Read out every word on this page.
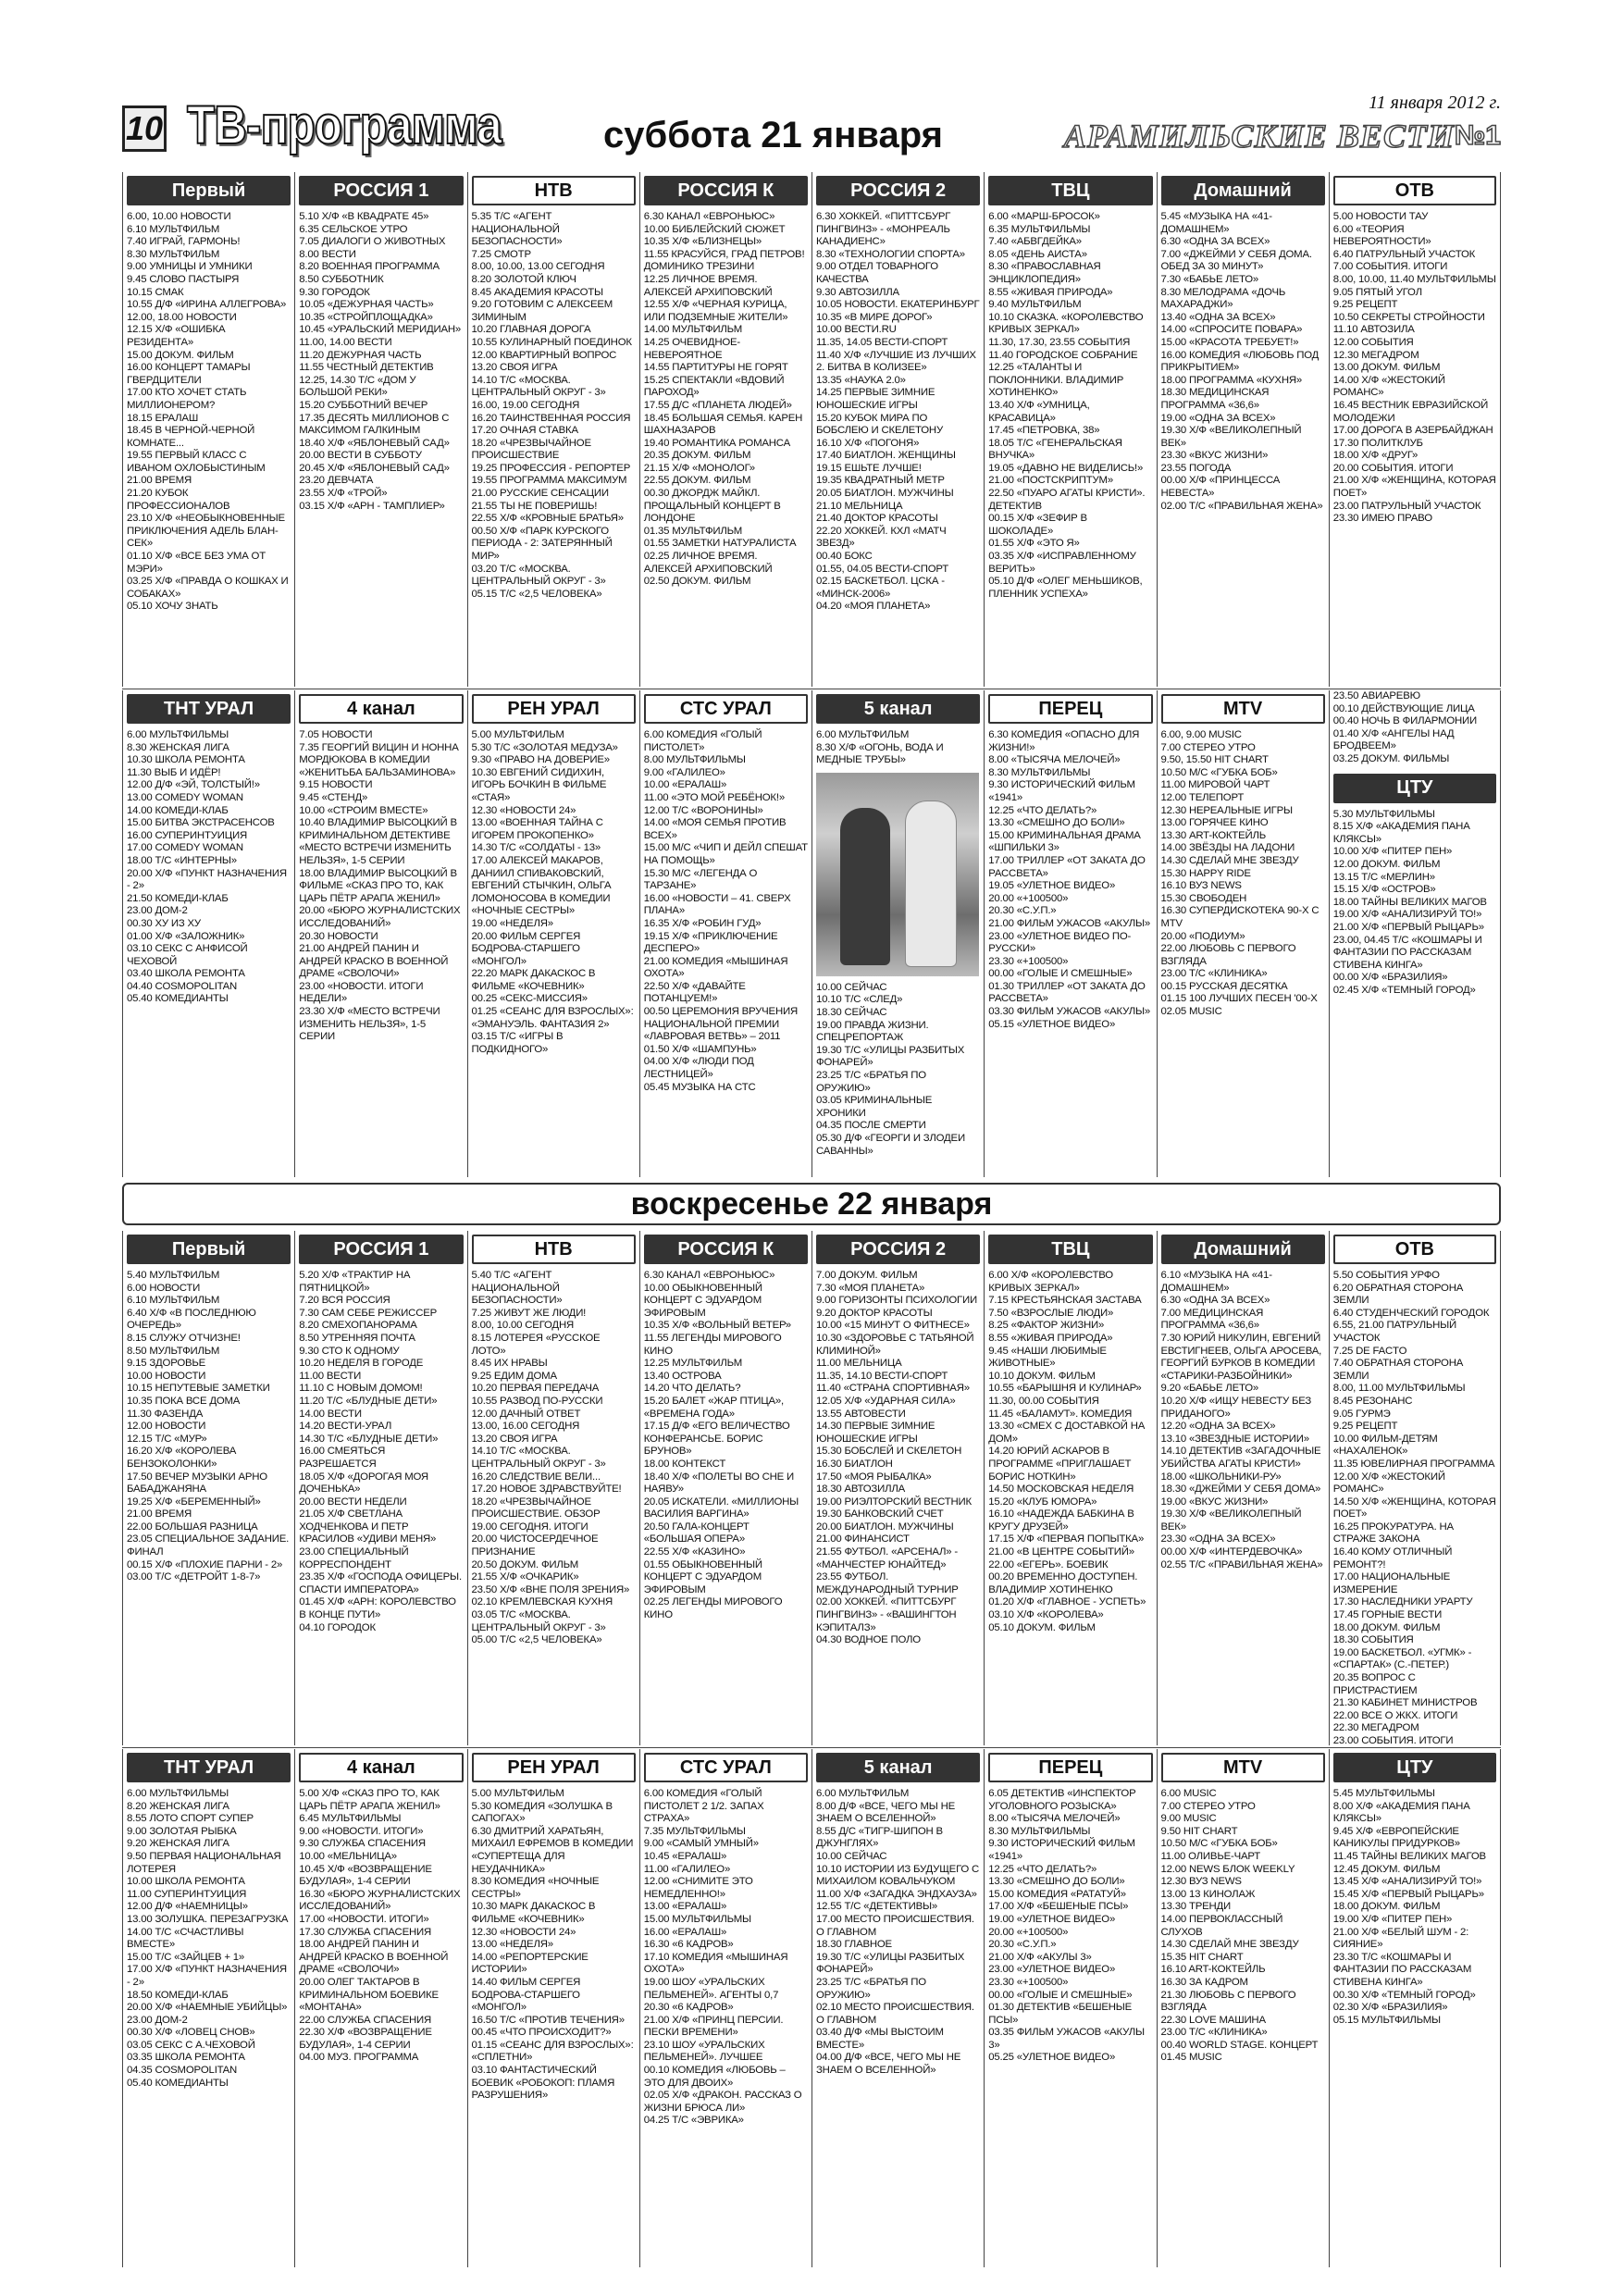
10 ТВ-программа	суббота 21 января
11 января 2012 г.
АРАМИЛЬСКИЕ ВЕСТИ №1
Первый
6.00, 10.00 НОВОСТИ
6.10 МУЛЬТФИЛЬМ
7.40 ИГРАЙ, ГАРМОНЬ!
8.30 МУЛЬТФИЛЬМ
9.00 УМНИЦЫ И УМНИКИ
9.45 СЛОВО ПАСТЫРЯ
10.15 СМАК
10.55 Д/Ф «ИРИНА АЛЛЕГРОВА»
12.00, 18.00 НОВОСТИ
12.15 Х/Ф «ОШИБКА РЕЗИДЕНТА»
15.00 ДОКУМ. ФИЛЬМ
16.00 КОНЦЕРТ ТАМАРЫ ГВЕРДЦИТЕЛИ
17.00 КТО ХОЧЕТ СТАТЬ МИЛЛИОНЕРОМ?
18.15 ЕРАЛАШ
18.45 В ЧЕРНОЙ-ЧЕРНОЙ КОМНАТЕ...
19.55 ПЕРВЫЙ КЛАСС С ИВАНОМ ОХЛОБЫСТИНЫМ
21.00 ВРЕМЯ
21.20 КУБОК ПРОФЕССИОНАЛОВ
23.10 Х/Ф «НЕОБЫКНОВЕННЫЕ ПРИКЛЮЧЕНИЯ АДЕЛЬ БЛАН-СЕК»
01.10 Х/Ф «ВСЕ БЕЗ УМА ОТ МЭРИ»
03.25 Х/Ф «ПРАВДА О КОШКАХ И СОБАКАХ»
05.10 ХОЧУ ЗНАТЬ
РОССИЯ 1
5.10 Х/Ф «В КВАДРАТЕ 45»
6.35 СЕЛЬСКОЕ УТРО
7.05 ДИАЛОГИ О ЖИВОТНЫХ
8.00 ВЕСТИ
8.20 ВОЕННАЯ ПРОГРАММА
8.50 СУББОТНИК
9.30 ГОРОДОК
10.05 «ДЕЖУРНАЯ ЧАСТЬ»
10.35 «СТРОЙПЛОЩАДКА»
10.45 «УРАЛЬСКИЙ МЕРИДИАН»
11.00, 14.00 ВЕСТИ
11.20 ДЕЖУРНАЯ ЧАСТЬ
11.55 ЧЕСТНЫЙ ДЕТЕКТИВ
12.25, 14.30 Т/С «ДОМ У БОЛЬШОЙ РЕКИ»
15.20 СУББОТНИЙ ВЕЧЕР
17.35 ДЕСЯТЬ МИЛЛИОНОВ С МАКСИМОМ ГАЛКИНЫМ
18.40 Х/Ф «ЯБЛОНЕВЫЙ САД»
20.00 ВЕСТИ В СУББОТУ
20.45 Х/Ф «ЯБЛОНЕВЫЙ САД»
23.20 ДЕВЧАТА
23.55 Х/Ф «ТРОЙ»
03.15 Х/Ф «АРН - ТАМПЛИЕР»
НТВ
5.35 Т/С «АГЕНТ НАЦИОНАЛЬНОЙ БЕЗОПАСНОСТИ»
7.25 СМОТР
8.00, 10.00, 13.00 СЕГОДНЯ
8.20 ЗОЛОТОЙ КЛЮЧ
8.45 АКАДЕМИЯ КРАСОТЫ
9.20 ГОТОВИМ С АЛЕКСЕЕМ ЗИМИНЫМ
10.20 ГЛАВНАЯ ДОРОГА
10.55 КУЛИНАРНЫЙ ПОЕДИНОК
12.00 КВАРТИРНЫЙ ВОПРОС
13.20 СВОЯ ИГРА
14.10 Т/С «МОСКВА. ЦЕНТРАЛЬНЫЙ ОКРУГ - 3»
16.00, 19.00 СЕГОДНЯ
16.20 ТАИНСТВЕННАЯ РОССИЯ
17.20 ОЧНАЯ СТАВКА
18.20 «ЧРЕЗВЫЧАЙНОЕ ПРОИСШЕСТВИЕ
19.25 ПРОФЕССИЯ - РЕПОРТЕР
19.55 ПРОГРАММА МАКСИМУМ
21.00 РУССКИЕ СЕНСАЦИИ
21.55 ТЫ НЕ ПОВЕРИШЬ!
22.55 Х/Ф «КРОВНЫЕ БРАТЬЯ»
00.50 Х/Ф «ПАРК КУРСКОГО ПЕРИОДА - 2: ЗАТЕРЯННЫЙ МИР»
03.20 Т/С «МОСКВА. ЦЕНТРАЛЬНЫЙ ОКРУГ - 3»
05.15 Т/С «2,5 ЧЕЛОВЕКА»
РОССИЯ К
6.30 КАНАЛ «ЕВРОНЬЮС»
10.00 БИБЛЕЙСКИЙ СЮЖЕТ
10.35 Х/Ф «БЛИЗНЕЦЫ»
11.55 КРАСУЙСЯ, ГРАД ПЕТРОВ! ДОМИНИКО ТРЕЗИНИ
12.25 ЛИЧНОЕ ВРЕМЯ. АЛЕКСЕЙ АРХИПОВСКИЙ
12.55 Х/Ф «ЧЕРНАЯ КУРИЦА, ИЛИ ПОДЗЕМНЫЕ ЖИТЕЛИ»
14.00 МУЛЬТФИЛЬМ
14.25 ОЧЕВИДНОЕ-НЕВЕРОЯТНОЕ
14.55 ПАРТИТУРЫ НЕ ГОРЯТ
15.25 СПЕКТАКЛИ «ВДОВИЙ ПАРОХОД»
17.55 Д/С «ПЛАНЕТА ЛЮДЕЙ»
18.45 БОЛЬШАЯ СЕМЬЯ. КАРЕН ШАХНАЗАРОВ
19.40 РОМАНТИКА РОМАНСА
20.35 ДОКУМ. ФИЛЬМ
21.15 Х/Ф «МОНОЛОГ»
22.55 ДОКУМ. ФИЛЬМ
00.30 ДЖОРДЖ МАЙКЛ. ПРОЩАЛЬНЫЙ КОНЦЕРТ В ЛОНДОНЕ
01.35 МУЛЬТФИЛЬМ
01.55 ЗАМЕТКИ НАТУРАЛИСТА
02.25 ЛИЧНОЕ ВРЕМЯ. АЛЕКСЕЙ АРХИПОВСКИЙ
02.50 ДОКУМ. ФИЛЬМ
РОССИЯ 2
6.30 ХОККЕЙ. «ПИТТСБУРГ ПИНГВИНЗ» - «МОНРЕАЛЬ КАНАДИЕНС»
8.30 «ТЕХНОЛОГИИ СПОРТА»
9.00 ОТДЕЛ ТОВАРНОГО КАЧЕСТВА
9.30 АВТОЗИЛЛА
10.05 НОВОСТИ. ЕКАТЕРИНБУРГ
10.35 «В МИРЕ ДОРОГ»
10.00 ВЕСТИ.RU
11.35, 14.05 ВЕСТИ-СПОРТ
11.40 Х/Ф «ЛУЧШИЕ ИЗ ЛУЧШИХ 2. БИТВА В КОЛИЗЕЕ»
13.35 «НАУКА 2.0»
14.25 ПЕРВЫЕ ЗИМНИЕ ЮНОШЕСКИЕ ИГРЫ
15.20 КУБОК МИРА ПО БОБСЛЕЮ И СКЕЛЕТОНУ
16.10 Х/Ф «ПОГОНЯ»
17.40 БИАТЛОН. ЖЕНЩИНЫ
19.15 ЕШЬТЕ ЛУЧШЕ!
19.35 КВАДРАТНЫЙ МЕТР
20.05 БИАТЛОН. МУЖЧИНЫ
21.10 МЕЛЬНИЦА
21.40 ДОКТОР КРАСОТЫ
22.20 ХОККЕЙ. КХЛ «МАТЧ ЗВЕЗД»
00.40 БОКС
01.55, 04.05 ВЕСТИ-СПОРТ
02.15 БАСКЕТБОЛ. ЦСКА - «МИНСК-2006»
04.20 «МОЯ ПЛАНЕТА»
ТВЦ
6.00 «МАРШ-БРОСОК»
6.35 МУЛЬТФИЛЬМЫ
7.40 «АБВГДЕЙКА»
8.05 «ДЕНЬ АИСТА»
8.30 «ПРАВОСЛАВНАЯ ЭНЦИКЛОПЕДИЯ»
8.55 «ЖИВАЯ ПРИРОДА»
9.40 МУЛЬТФИЛЬМ
10.10 СКАЗКА. «КОРОЛЕВСТВО КРИВЫХ ЗЕРКАЛ»
11.30, 17.30, 23.55 СОБЫТИЯ
11.40 ГОРОДСКОЕ СОБРАНИЕ
12.25 «ТАЛАНТЫ И ПОКЛОННИКИ. ВЛАДИМИР ХОТИНЕНКО»
13.40 Х/Ф «УМНИЦА, КРАСАВИЦА»
17.45 «ПЕТРОВКА, 38»
18.05 Т/С «ГЕНЕРАЛЬСКАЯ ВНУЧКА»
19.05 «ДАВНО НЕ ВИДЕЛИСЬ!»
21.00 «ПОСТСКРИПТУМ»
22.50 «ПУАРО АГАТЫ КРИСТИ». ДЕТЕКТИВ
00.15 Х/Ф «ЗЕФИР В ШОКОЛАДЕ»
01.55 Х/Ф «ЭТО Я»
03.35 Х/Ф «ИСПРАВЛЕННОМУ ВЕРИТЬ»
05.10 Д/Ф «ОЛЕГ МЕНЬШИКОВ, ПЛЕННИК УСПЕХА»
Домашний
5.45 «МУЗЫКА НА «41-ДОМАШНЕМ»
6.30 «ОДНА ЗА ВСЕХ»
7.00 «ДЖЕЙМИ У СЕБЯ ДОМА. ОБЕД ЗА 30 МИНУТ»
7.30 «БАБЬЕ ЛЕТО»
8.30 МЕЛОДРАМА «ДОЧЬ МАХАРАДЖИ»
13.40 «ОДНА ЗА ВСЕХ»
14.00 «СПРОСИТЕ ПОВАРА»
15.00 «КРАСОТА ТРЕБУЕТ!»
16.00 КОМЕДИЯ «ЛЮБОВЬ ПОД ПРИКРЫТИЕМ»
18.00 ПРОГРАММА «КУХНЯ»
18.30 МЕДИЦИНСКАЯ ПРОГРАММА «36,6»
19.00 «ОДНА ЗА ВСЕХ»
19.30 Х/Ф «ВЕЛИКОЛЕПНЫЙ ВЕК»
23.30 «ВКУС ЖИЗНИ»
23.55 ПОГОДА
00.00 Х/Ф «ПРИНЦЕССА НЕВЕСТА»
02.00 Т/С «ПРАВИЛЬНАЯ ЖЕНА»
ОТВ
5.00 НОВОСТИ ТАУ
6.00 «ТЕОРИЯ НЕВЕРОЯТНОСТИ»
6.40 ПАТРУЛЬНЫЙ УЧАСТОК
7.00 СОБЫТИЯ. ИТОГИ
8.00, 10.00, 11.40 МУЛЬТФИЛЬМЫ
9.05 ПЯТЫЙ УГОЛ
9.25 РЕЦЕПТ
10.50 СЕКРЕТЫ СТРОЙНОСТИ
11.10 АВТОЗИЛА
12.00 СОБЫТИЯ
12.30 МЕГАДРОМ
13.00 ДОКУМ. ФИЛЬМ
14.00 Х/Ф «ЖЕСТОКИЙ РОМАНС»
16.45 ВЕСТНИК ЕВРАЗИЙСКОЙ МОЛОДЕЖИ
17.00 ДОРОГА В АЗЕРБАЙДЖАН
17.30 ПОЛИТКЛУБ
18.00 Х/Ф «ДРУГ»
20.00 СОБЫТИЯ. ИТОГИ
21.00 Х/Ф «ЖЕНЩИНА, КОТОРАЯ ПОЕТ»
23.00 ПАТРУЛЬНЫЙ УЧАСТОК
23.30 ИМЕЮ ПРАВО
ТНТ УРАЛ
6.00 МУЛЬТФИЛЬМЫ
8.30 ЖЕНСКАЯ ЛИГА
10.30 ШКОЛА РЕМОНТА
11.30 ВЫБ И ИДЁР!
12.00 Д/Ф «ЭЙ, ТОЛСТЫЙ!»
13.00 COMEDY WOMAN
14.00 КОМЕДИ-КЛАБ
15.00 БИТВА ЭКСТРАСЕНСОВ
16.00 СУПЕРИНТУИЦИЯ
17.00 COMEDY WOMAN
18.00 Т/С «ИНТЕРНЫ»
20.00 Х/Ф «ПУНКТ НАЗНАЧЕНИЯ - 2»
21.50 КОМЕДИ-КЛАБ
23.00 ДОМ-2
00.30 ХУ ИЗ ХУ
01.00 Х/Ф «ЗАЛОЖНИК»
03.10 СЕКС С АНФИСОЙ ЧЕХОВОЙ
03.40 ШКОЛА РЕМОНТА
04.40 COSMOPOLITAN
05.40 КОМЕДИАНТЫ
4 канал
7.05 НОВОСТИ
7.35 ГЕОРГИЙ ВИЦИН И НОННА МОРДЮКОВА В КОМЕДИИ «ЖЕНИТЬБА БАЛЬЗАМИНОВА»
9.15 НОВОСТИ
9.45 «СТЕНД»
10.00 «СТРОИМ ВМЕСТЕ»
10.40 ВЛАДИМИР ВЫСОЦКИЙ В КРИМИНАЛЬНОМ ДЕТЕКТИВЕ «МЕСТО ВСТРЕЧИ ИЗМЕНИТЬ НЕЛЬЗЯ», 1-5 СЕРИИ
18.00 ВЛАДИМИР ВЫСОЦКИЙ В ФИЛЬМЕ «СКАЗ ПРО ТО, КАК ЦАРЬ ПЁТР АРАПА ЖЕНИЛ»
20.00 «БЮРО ЖУРНАЛИСТСКИХ ИССЛЕДОВАНИЙ»
20.30 НОВОСТИ
21.00 АНДРЕЙ ПАНИН И АНДРЕЙ КРАСКО В ВОЕННОЙ ДРАМЕ «СВОЛОЧИ»
23.00 «НОВОСТИ. ИТОГИ НЕДЕЛИ»
23.30 Х/Ф «МЕСТО ВСТРЕЧИ ИЗМЕНИТЬ НЕЛЬЗЯ», 1-5 СЕРИИ
РЕН УРАЛ
5.00 МУЛЬТФИЛЬМ
5.30 Т/С «ЗОЛОТАЯ МЕДУЗА»
9.30 «ПРАВО НА ДОВЕРИЕ»
10.30 ЕВГЕНИЙ СИДИХИН, ИГОРЬ БОЧКИН В ФИЛЬМЕ «СТАЯ»
12.30 «НОВОСТИ 24»
13.00 «ВОЕННАЯ ТАЙНА С ИГОРЕМ ПРОКОПЕНКО»
14.30 Т/С «СОЛДАТЫ - 13»
17.00 АЛЕКСЕЙ МАКАРОВ, ДАНИИЛ СПИВАКОВСКИЙ, ЕВГЕНИЙ СТЫЧКИН, ОЛЬГА ЛОМОНОСОВА В КОМЕДИИ «НОЧНЫЕ СЕСТРЫ»
19.00 «НЕДЕЛЯ»
20.00 ФИЛЬМ СЕРГЕЯ БОДРОВА-СТАРШЕГО «МОНГОЛ»
22.20 МАРК ДАКАСКОС В ФИЛЬМЕ «КОЧЕВНИК»
00.25 «СЕКС-МИССИЯ»
01.25 «СЕАНС ДЛЯ ВЗРОСЛЫХ»: «ЭМАНУЭЛЬ. ФАНТАЗИЯ 2»
03.15 Т/С «ИГРЫ В ПОДКИДНОГО»
СТС УРАЛ
6.00 КОМЕДИЯ «ГОЛЫЙ ПИСТОЛЕТ»
8.00 МУЛЬТФИЛЬМЫ
9.00 «ГАЛИЛЕО»
10.00 «ЕРАЛАШ»
11.00 «ЭТО МОЙ РЕБЁНОК!»
12.00 Т/С «ВОРОНИНЫ»
14.00 «МОЯ СЕМЬЯ ПРОТИВ ВСЕХ»
15.00 М/С «ЧИП И ДЕЙЛ СПЕШАТ НА ПОМОЩЬ»
15.30 М/С «ЛЕГЕНДА О ТАРЗАНЕ»
16.00 «НОВОСТИ – 41. СВЕРХ ПЛАНА»
16.35 Х/Ф «РОБИН ГУД»
19.15 Х/Ф «ПРИКЛЮЧЕНИЕ ДЕСПЕРО»
21.00 КОМЕДИЯ «МЫШИНАЯ ОХОТА»
22.50 Х/Ф «ДАВАЙТЕ ПОТАНЦУЕМ!»
00.50 ЦЕРЕМОНИЯ ВРУЧЕНИЯ НАЦИОНАЛЬНОЙ ПРЕМИИ «ЛАВРОВАЯ ВЕТВЬ» – 2011
01.50 Х/Ф «ШАМПУНЬ»
04.00 Х/Ф «ЛЮДИ ПОД ЛЕСТНИЦЕЙ»
05.45 МУЗЫКА НА СТС
5 канал
6.00 МУЛЬТФИЛЬМ
8.30 Х/Ф «ОГОНЬ, ВОДА И МЕДНЫЕ ТРУБЫ»
10.00 СЕЙЧАС
10.10 Т/С «СЛЕД»
18.30 СЕЙЧАС
19.00 ПРАВДА ЖИЗНИ. СПЕЦРЕПОРТАЖ
19.30 Т/С «УЛИЦЫ РАЗБИТЫХ ФОНАРЕЙ»
23.25 Т/С «БРАТЬЯ ПО ОРУЖИЮ»
03.05 КРИМИНАЛЬНЫЕ ХРОНИКИ
04.35 ПОСЛЕ СМЕРТИ
05.30 Д/Ф «ГЕОРГИ И ЗЛОДЕИ САВАННЫ»
ПЕРЕЦ
6.30 КОМЕДИЯ «ОПАСНО ДЛЯ ЖИЗНИ!»
8.00 «ТЫСЯЧА МЕЛОЧЕЙ»
8.30 МУЛЬТФИЛЬМЫ
9.30 ИСТОРИЧЕСКИЙ ФИЛЬМ «1941»
12.25 «ЧТО ДЕЛАТЬ?»
13.30 «СМЕШНО ДО БОЛИ»
15.00 КРИМИНАЛЬНАЯ ДРАМА «ШПИЛЬКИ 3»
17.00 ТРИЛЛЕР «ОТ ЗАКАТА ДО РАССВЕТА»
19.05 «УЛЕТНОЕ ВИДЕО»
20.00 «+100500»
20.30 «С.У.П.»
21.00 ФИЛЬМ УЖАСОВ «АКУЛЫ»
23.00 «УЛЕТНОЕ ВИДЕО ПО-РУССКИ»
23.30 «+100500»
00.00 «ГОЛЫЕ И СМЕШНЫЕ»
01.30 ТРИЛЛЕР «ОТ ЗАКАТА ДО РАССВЕТА»
03.30 ФИЛЬМ УЖАСОВ «АКУЛЫ»
05.15 «УЛЕТНОЕ ВИДЕО»
MTV
6.00, 9.00 MUSIC
7.00 СТЕРЕО УТРО
9.50, 15.50 HIT CHART
10.50 М/С «ГУБКА БОБ»
11.00 МИРОВОЙ ЧАРТ
12.00 ТЕЛЕПОРТ
12.30 НЕРЕАЛЬНЫЕ ИГРЫ
13.00 ГОРЯЧЕЕ КИНО
13.30 ART-КОКТЕЙЛЬ
14.00 ЗВЁЗДЫ НА ЛАДОНИ
14.30 СДЕЛАЙ МНЕ ЗВЕЗДУ
15.30 HAPPY RIDE
16.10 ВУЗ NEWS
15.30 СВОБОДЕН
16.30 СУПЕРДИСКОТЕКА 90-Х С MTV
20.00 «ПОДИУМ»
22.00 ЛЮБОВЬ С ПЕРВОГО ВЗГЛЯДА
23.00 Т/С «КЛИНИКА»
00.15 РУССКАЯ ДЕСЯТКА
01.15 100 ЛУЧШИХ ПЕСЕН '00-Х
02.05 MUSIC
23.50 АВИАРЕВЮ
00.10 ДЕЙСТВУЮЩИЕ ЛИЦА
00.40 НОЧЬ В ФИЛАРМОНИИ
01.40 Х/Ф «АНГЕЛЫ НАД БРОДВЕЕМ»
03.25 ДОКУМ. ФИЛЬМЫ
ЦТУ
5.30 МУЛЬТФИЛЬМЫ
8.15 Х/Ф «АКАДЕМИЯ ПАНА КЛЯКСЫ»
10.00 Х/Ф «ПИТЕР ПЕН»
12.00 ДОКУМ. ФИЛЬМ
13.15 Т/С «МЕРЛИН»
15.15 Х/Ф «ОСТРОВ»
18.00 ТАЙНЫ ВЕЛИКИХ МАГОВ
19.00 Х/Ф «АНАЛИЗИРУЙ ТО!»
21.00 Х/Ф «ПЕРВЫЙ РЫЦАРЬ»
23.00, 04.45 Т/С «КОШМАРЫ И ФАНТАЗИИ ПО РАССКАЗАМ СТИВЕНА КИНГА»
00.00 Х/Ф «БРАЗИЛИЯ»
02.45 Х/Ф «ТЕМНЫЙ ГОРОД»
воскресенье 22 января
Первый
5.40 МУЛЬТФИЛЬМ
6.00 НОВОСТИ
6.10 МУЛЬТФИЛЬМ
6.40 Х/Ф «В ПОСЛЕДНЮЮ ОЧЕРЕДЬ»
8.15 СЛУЖУ ОТЧИЗНЕ!
8.50 МУЛЬТФИЛЬМ
9.15 ЗДОРОВЬЕ
10.00 НОВОСТИ
10.15 НЕПУТЕВЫЕ ЗАМЕТКИ
10.35 ПОКА ВСЕ ДОМА
11.30 ФАЗЕНДА
12.00 НОВОСТИ
12.15 Т/С «МУР»
16.20 Х/Ф «КОРОЛЕВА БЕНЗОКОЛОНКИ»
17.50 ВЕЧЕР МУЗЫКИ АРНО БАБАДЖАНЯНА
19.25 Х/Ф «БЕРЕМЕННЫЙ»
21.00 ВРЕМЯ
22.00 БОЛЬШАЯ РАЗНИЦА
23.05 СПЕЦИАЛЬНОЕ ЗАДАНИЕ. ФИНАЛ
00.15 Х/Ф «ПЛОХИЕ ПАРНИ - 2»
03.00 Т/С «ДЕТРОЙТ 1-8-7»
РОССИЯ 1
5.20 Х/Ф «ТРАКТИР НА ПЯТНИЦКОЙ»
7.20 ВСЯ РОССИЯ
7.30 САМ СЕБЕ РЕЖИССЕР
8.20 СМЕХОПАНОРАМА
8.50 УТРЕННЯЯ ПОЧТА
9.30 СТО К ОДНОМУ
10.20 НЕДЕЛЯ В ГОРОДЕ
11.00 ВЕСТИ
11.10 С НОВЫМ ДОМОМ!
11.20 Т/С «БЛУДНЫЕ ДЕТИ»
14.00 ВЕСТИ
14.20 ВЕСТИ-УРАЛ
14.30 Т/С «БЛУДНЫЕ ДЕТИ»
16.00 СМЕЯТЬСЯ РАЗРЕШАЕТСЯ
18.05 Х/Ф «ДОРОГАЯ МОЯ ДОЧЕНЬКА»
20.00 ВЕСТИ НЕДЕЛИ
21.05 Х/Ф СВЕТЛАНА ХОДЧЕНКОВА И ПЕТР КРАСИЛОВ «УДИВИ МЕНЯ»
23.00 СПЕЦИАЛЬНЫЙ КОРРЕСПОНДЕНТ
23.35 Х/Ф «ГОСПОДА ОФИЦЕРЫ. СПАСТИ ИМПЕРАТОРА»
01.45 Х/Ф «АРН: КОРОЛЕВСТВО В КОНЦЕ ПУТИ»
04.10 ГОРОДОК
НТВ
5.40 Т/С «АГЕНТ НАЦИОНАЛЬНОЙ БЕЗОПАСНОСТИ»
7.25 ЖИВУТ ЖЕ ЛЮДИ!
8.00, 10.00 СЕГОДНЯ
8.15 ЛОТЕРЕЯ «РУССКОЕ ЛОТО»
8.45 ИХ НРАВЫ
9.25 ЕДИМ ДОМА
10.20 ПЕРВАЯ ПЕРЕДАЧА
10.55 РАЗВОД ПО-РУССКИ
12.00 ДАЧНЫЙ ОТВЕТ
13.00, 16.00 СЕГОДНЯ
13.20 СВОЯ ИГРА
14.10 Т/С «МОСКВА. ЦЕНТРАЛЬНЫЙ ОКРУГ - 3»
16.20 СЛЕДСТВИЕ ВЕЛИ...
17.20 НОВОЕ ЗДРАВСТВУЙТЕ!
18.20 «ЧРЕЗВЫЧАЙНОЕ ПРОИСШЕСТВИЕ. ОБЗОР
19.00 СЕГОДНЯ. ИТОГИ
20.00 ЧИСТОСЕРДЕЧНОЕ ПРИЗНАНИЕ
20.50 ДОКУМ. ФИЛЬМ
21.55 Х/Ф «ОЧКАРИК»
23.50 Х/Ф «ВНЕ ПОЛЯ ЗРЕНИЯ»
02.10 КРЕМЛЕВСКАЯ КУХНЯ
03.05 Т/С «МОСКВА. ЦЕНТРАЛЬНЫЙ ОКРУГ - 3»
05.00 Т/С «2,5 ЧЕЛОВЕКА»
РОССИЯ К
6.30 КАНАЛ «ЕВРОНЬЮС»
10.00 ОБЫКНОВЕННЫЙ КОНЦЕРТ С ЭДУАРДОМ ЭФИРОВЫМ
10.35 Х/Ф «ВОЛЬНЫЙ ВЕТЕР»
11.55 ЛЕГЕНДЫ МИРОВОГО КИНО
12.25 МУЛЬТФИЛЬМ
13.40 ОСТРОВА
14.20 ЧТО ДЕЛАТЬ?
15.20 БАЛЕТ «ЖАР ПТИЦА», «ВРЕМЕНА ГОДА»
17.15 Д/Ф «ЕГО ВЕЛИЧЕСТВО КОНФЕРАНСЬЕ. БОРИС БРУНОВ»
18.00 КОНТЕКСТ
18.40 Х/Ф «ПОЛЕТЫ ВО СНЕ И НАЯВУ»
20.05 ИСКАТЕЛИ. «МИЛЛИОНЫ ВАСИЛИЯ ВАРГИНА»
20.50 ГАЛА-КОНЦЕРТ «БОЛЬШАЯ ОПЕРА»
22.55 Х/Ф «КАЗИНО»
01.55 ОБЫКНОВЕННЫЙ КОНЦЕРТ С ЭДУАРДОМ ЭФИРОВЫМ
02.25 ЛЕГЕНДЫ МИРОВОГО КИНО
РОССИЯ 2
7.00 ДОКУМ. ФИЛЬМ
7.30 «МОЯ ПЛАНЕТА»
9.00 ГОРИЗОНТЫ ПСИХОЛОГИИ
9.20 ДОКТОР КРАСОТЫ
10.00 «15 МИНУТ О ФИТНЕСЕ»
10.30 «ЗДОРОВЬЕ С ТАТЬЯНОЙ КЛИМИНОЙ»
11.00 МЕЛЬНИЦА
11.35, 14.10 ВЕСТИ-СПОРТ
11.40 «СТРАНА СПОРТИВНАЯ»
12.05 Х/Ф «УДАРНАЯ СИЛА»
13.55 АВТОВЕСТИ
14.30 ПЕРВЫЕ ЗИМНИЕ ЮНОШЕСКИЕ ИГРЫ
15.30 БОБСЛЕЙ И СКЕЛЕТОН
16.30 БИАТЛОН
17.50 «МОЯ РЫБАЛКА»
18.30 АВТОЗИЛЛА
19.00 РИЭЛТОРСКИЙ ВЕСТНИК
19.30 БАНКОВСКИЙ СЧЕТ
20.00 БИАТЛОН. МУЖЧИНЫ
21.00 ФИНАНСИСТ
21.55 ФУТБОЛ. «АРСЕНАЛ» - «МАНЧЕСТЕР ЮНАЙТЕД»
23.55 ФУТБОЛ. МЕЖДУНАРОДНЫЙ ТУРНИР
02.00 ХОККЕЙ. «ПИТТСБУРГ ПИНГВИНЗ» - «ВАШИНГТОН КЭПИТАЛЗ»
04.30 ВОДНОЕ ПОЛО
ТВЦ
6.00 Х/Ф «КОРОЛЕВСТВО КРИВЫХ ЗЕРКАЛ»
7.15 КРЕСТЬЯНСКАЯ ЗАСТАВА
7.50 «ВЗРОСЛЫЕ ЛЮДИ»
8.25 «ФАКТОР ЖИЗНИ»
8.55 «ЖИВАЯ ПРИРОДА»
9.45 «НАШИ ЛЮБИМЫЕ ЖИВОТНЫЕ»
10.10 ДОКУМ. ФИЛЬМ
10.55 «БАРЫШНЯ И КУЛИНАР»
11.30, 00.00 СОБЫТИЯ
11.45 «БАЛАМУТ». КОМЕДИЯ
13.30 «СМЕХ С ДОСТАВКОЙ НА ДОМ»
14.20 ЮРИЙ АСКАРОВ В ПРОГРАММЕ «ПРИГЛАШАЕТ БОРИС НОТКИН»
14.50 МОСКОВСКАЯ НЕДЕЛЯ
15.20 «КЛУБ ЮМОРА»
16.10 «НАДЕЖДА БАБКИНА В КРУГУ ДРУЗЕЙ»
17.15 Х/Ф «ПЕРВАЯ ПОПЫТКА»
21.00 «В ЦЕНТРЕ СОБЫТИЙ»
22.00 «ЕГЕРЬ». БОЕВИК
00.20 ВРЕМЕННО ДОСТУПЕН. ВЛАДИМИР ХОТИНЕНКО
01.20 Х/Ф «ГЛАВНОЕ - УСПЕТЬ»
03.10 Х/Ф «КОРОЛЕВА»
05.10 ДОКУМ. ФИЛЬМ
Домашний
6.10 «МУЗЫКА НА «41-ДОМАШНЕМ»
6.30 «ОДНА ЗА ВСЕХ»
7.00 МЕДИЦИНСКАЯ ПРОГРАММА «36,6»
7.30 ЮРИЙ НИКУЛИН, ЕВГЕНИЙ ЕВСТИГНЕЕВ, ОЛЬГА АРОСЕВА, ГЕОРГИЙ БУРКОВ В КОМЕДИИ «СТАРИКИ-РАЗБОЙНИКИ»
9.20 «БАБЬЕ ЛЕТО»
10.20 Х/Ф «ИЩУ НЕВЕСТУ БЕЗ ПРИДАНОГО»
12.20 «ОДНА ЗА ВСЕХ»
13.10 «ЗВЕЗДНЫЕ ИСТОРИИ»
14.10 ДЕТЕКТИВ «ЗАГАДОЧНЫЕ УБИЙСТВА АГАТЫ КРИСТИ»
18.00 «ШКОЛЬНИКИ-РУ»
18.30 «ДЖЕЙМИ У СЕБЯ ДОМА»
19.00 «ВКУС ЖИЗНИ»
19.30 Х/Ф «ВЕЛИКОЛЕПНЫЙ ВЕК»
23.30 «ОДНА ЗА ВСЕХ»
00.00 Х/Ф «ИНТЕРДЕВОЧКА»
02.55 Т/С «ПРАВИЛЬНАЯ ЖЕНА»
ОТВ
5.50 СОБЫТИЯ УРФО
6.20 ОБРАТНАЯ СТОРОНА ЗЕМЛИ
6.40 СТУДЕНЧЕСКИЙ ГОРОДОК
6.55, 21.00 ПАТРУЛЬНЫЙ УЧАСТОК
7.25 DE FACTO
7.40 ОБРАТНАЯ СТОРОНА ЗЕМЛИ
8.00, 11.00 МУЛЬТФИЛЬМЫ
8.45 РЕЗОНАНС
9.05 ГУРМЭ
9.25 РЕЦЕПТ
10.00 ФИЛЬМ-ДЕТЯМ «НАХАЛЕНОК»
11.35 ЮВЕЛИРНАЯ ПРОГРАММА
12.00 Х/Ф «ЖЕСТОКИЙ РОМАНС»
14.50 Х/Ф «ЖЕНЩИНА, КОТОРАЯ ПОЕТ»
16.25 ПРОКУРАТУРА. НА СТРАЖЕ ЗАКОНА
16.40 КОМУ ОТЛИЧНЫЙ РЕМОНТ?!
17.00 НАЦИОНАЛЬНЫЕ ИЗМЕРЕНИЕ
17.30 НАСЛЕДНИКИ УРАРТУ
17.45 ГОРНЫЕ ВЕСТИ
18.00 ДОКУМ. ФИЛЬМ
18.30 СОБЫТИЯ
19.00 БАСКЕТБОЛ. «УГМК» - «СПАРТАК» (С.-ПЕТЕР.)
20.35 ВОПРОС С ПРИСТРАСТИЕМ
21.30 КАБИНЕТ МИНИСТРОВ
22.00 ВСЕ О ЖКХ. ИТОГИ
22.30 МЕГАДРОМ
23.00 СОБЫТИЯ. ИТОГИ

ТНТ УРАЛ
6.00 МУЛЬТФИЛЬМЫ
8.20 ЖЕНСКАЯ ЛИГА
8.55 ЛОТО СПОРТ СУПЕР
9.00 ЗОЛОТАЯ РЫБКА
9.20 ЖЕНСКАЯ ЛИГА
9.50 ПЕРВАЯ НАЦИОНАЛЬНАЯ ЛОТЕРЕЯ
10.00 ШКОЛА РЕМОНТА
11.00 СУПЕРИНТУИЦИЯ
12.00 Д/Ф «НАЕМНИЦЫ»
13.00 ЗОЛУШКА. ПЕРЕЗАГРУЗКА
14.00 Т/С «СЧАСТЛИВЫ ВМЕСТЕ»
15.00 Т/С «ЗАЙЦЕВ + 1»
17.00 Х/Ф «ПУНКТ НАЗНАЧЕНИЯ - 2»
18.50 КОМЕДИ-КЛАБ
20.00 Х/Ф «НАЕМНЫЕ УБИЙЦЫ»
23.00 ДОМ-2
00.30 Х/Ф «ЛОВЕЦ СНОВ»
03.05 СЕКС С А.ЧЕХОВОЙ
03.35 ШКОЛА РЕМОНТА
04.35 COSMOPOLITAN
05.40 КОМЕДИАНТЫ
4 канал
5.00 Х/Ф «СКАЗ ПРО ТО, КАК ЦАРЬ ПЁТР АРАПА ЖЕНИЛ»
6.45 МУЛЬТФИЛЬМЫ
9.00 «НОВОСТИ. ИТОГИ»
9.30 СЛУЖБА СПАСЕНИЯ
10.00 «МЕЛЬНИЦА»
10.45 Х/Ф «ВОЗВРАЩЕНИЕ БУДУЛАЯ», 1-4 СЕРИИ
16.30 «БЮРО ЖУРНАЛИСТСКИХ ИССЛЕДОВАНИЙ»
17.00 «НОВОСТИ. ИТОГИ»
17.30 СЛУЖБА СПАСЕНИЯ
18.00 АНДРЕЙ ПАНИН И АНДРЕЙ КРАСКО В ВОЕННОЙ ДРАМЕ «СВОЛОЧИ»
20.00 ОЛЕГ ТАКТАРОВ В КРИМИНАЛЬНОМ БОЕВИКЕ «МОНТАНА»
22.00 СЛУЖБА СПАСЕНИЯ
22.30 Х/Ф «ВОЗВРАЩЕНИЕ БУДУЛАЯ», 1-4 СЕРИИ
04.00 МУЗ. ПРОГРАММА
РЕН УРАЛ
5.00 МУЛЬТФИЛЬМ
5.30 КОМЕДИЯ «ЗОЛУШКА В САПОГАХ»
6.30 ДМИТРИЙ ХАРАТЬЯН, МИХАИЛ ЕФРЕМОВ В КОМЕДИИ «СУПЕРТЕЩА ДЛЯ НЕУДАЧНИКА»
8.30 КОМЕДИЯ «НОЧНЫЕ СЕСТРЫ»
10.30 МАРК ДАКАСКОС В ФИЛЬМЕ «КОЧЕВНИК»
12.30 «НОВОСТИ 24»
13.00 «НЕДЕЛЯ»
14.00 «РЕПОРТЕРСКИЕ ИСТОРИИ»
14.40 ФИЛЬМ СЕРГЕЯ БОДРОВА-СТАРШЕГО «МОНГОЛ»
16.50 Т/С «ПРОТИВ ТЕЧЕНИЯ»
00.45 «ЧТО ПРОИСХОДИТ?»
01.15 «СЕАНС ДЛЯ ВЗРОСЛЫХ»: «СПЛЕТНИ»
03.10 ФАНТАСТИЧЕСКИЙ БОЕВИК «РОБОКОП: ПЛАМЯ РАЗРУШЕНИЯ»
СТС УРАЛ
6.00 КОМЕДИЯ «ГОЛЫЙ ПИСТОЛЕТ 2 1/2. ЗАПАХ СТРАХА»
7.35 МУЛЬТФИЛЬМЫ
9.00 «САМЫЙ УМНЫЙ»
10.45 «ЕРАЛАШ»
11.00 «ГАЛИЛЕО»
12.00 «СНИМИТЕ ЭТО НЕМЕДЛЕННО!»
13.00 «ЕРАЛАШ»
15.00 МУЛЬТФИЛЬМЫ
16.00 «ЕРАЛАШ»
16.30 «6 КАДРОВ»
17.10 КОМЕДИЯ «МЫШИНАЯ ОХОТА»
19.00 ШОУ «УРАЛЬСКИХ ПЕЛЬМЕНЕЙ». АГЕНТЫ 0,7
20.30 «6 КАДРОВ»
21.00 Х/Ф «ПРИНЦ ПЕРСИИ. ПЕСКИ ВРЕМЕНИ»
23.10 ШОУ «УРАЛЬСКИХ ПЕЛЬМЕНЕЙ». ЛУЧШЕЕ
00.10 КОМЕДИЯ «ЛЮБОВЬ – ЭТО ДЛЯ ДВОИХ»
02.05 Х/Ф «ДРАКОН. РАССКАЗ О ЖИЗНИ БРЮСА ЛИ»
04.25 Т/С «ЭВРИКА»
5 канал
6.00 МУЛЬТФИЛЬМ
8.00 Д/Ф «ВСЕ, ЧЕГО МЫ НЕ ЗНАЕМ О ВСЕЛЕННОЙ»
8.55 Д/С «ТИГР-ШИПОН В ДЖУНГЛЯХ»
10.00 СЕЙЧАС
10.10 ИСТОРИИ ИЗ БУДУЩЕГО С МИХАИЛОМ КОВАЛЬЧУКОМ
11.00 Х/Ф «ЗАГАДКА ЭНДХАУЗА»
12.55 Т/С «ДЕТЕКТИВЫ»
17.00 МЕСТО ПРОИСШЕСТВИЯ. О ГЛАВНОМ
18.30 ГЛАВНОЕ
19.30 Т/С «УЛИЦЫ РАЗБИТЫХ ФОНАРЕЙ»
23.25 Т/С «БРАТЬЯ ПО ОРУЖИЮ»
02.10 МЕСТО ПРОИСШЕСТВИЯ. О ГЛАВНОМ
03.40 Д/Ф «МЫ ВЫСТОИМ ВМЕСТЕ»
04.00 Д/Ф «ВСЕ, ЧЕГО МЫ НЕ ЗНАЕМ О ВСЕЛЕННОЙ»
ПЕРЕЦ
6.05 ДЕТЕКТИВ «ИНСПЕКТОР УГОЛОВНОГО РОЗЫСКА»
8.00 «ТЫСЯЧА МЕЛОЧЕЙ»
8.30 МУЛЬТФИЛЬМЫ
9.30 ИСТОРИЧЕСКИЙ ФИЛЬМ «1941»
12.25 «ЧТО ДЕЛАТЬ?»
13.30 «СМЕШНО ДО БОЛИ»
15.00 КОМЕДИЯ «РАТАТУЙ»
17.00 Х/Ф «БЕШЕНЫЕ ПСЫ»
19.00 «УЛЕТНОЕ ВИДЕО»
20.00 «+100500»
20.30 «С.У.П.»
21.00 Х/Ф «АКУЛЫ 3»
23.00 «УЛЕТНОЕ ВИДЕО»
23.30 «+100500»
00.00 «ГОЛЫЕ И СМЕШНЫЕ»
01.30 ДЕТЕКТИВ «БЕШЕНЫЕ ПСЫ»
03.35 ФИЛЬМ УЖАСОВ «АКУЛЫ 3»
05.25 «УЛЕТНОЕ ВИДЕО»
MTV
6.00 MUSIC
7.00 СТЕРЕО УТРО
9.00 MUSIC
9.50 HIT CHART
10.50 М/С «ГУБКА БОБ»
11.00 ОЛИВЬЕ-ЧАРТ
12.00 NEWS БЛОК WEEKLY
12.30 ВУЗ NEWS
13.00 13 КИНОЛАЖ
13.30 ТРЕНДИ
14.00 ПЕРВОКЛАССНЫЙ СЛУХОВ
14.30 СДЕЛАЙ МНЕ ЗВЕЗДУ
15.35 HIT CHART
16.10 ART-КОКТЕЙЛЬ
16.30 ЗА КАДРОМ
21.30 ЛЮБОВЬ С ПЕРВОГО ВЗГЛЯДА
22.30 LOVE МАШИНА
23.00 Т/С «КЛИНИКА»
00.40 WORLD STAGE. КОНЦЕРТ
01.45 MUSIC
ЦТУ
5.45 МУЛЬТФИЛЬМЫ
8.00 Х/Ф «АКАДЕМИЯ ПАНА КЛЯКСЫ»
9.45 Х/Ф «ЕВРОПЕЙСКИЕ КАНИКУЛЫ ПРИДУРКОВ»
11.45 ТАЙНЫ ВЕЛИКИХ МАГОВ
12.45 ДОКУМ. ФИЛЬМ
13.45 Х/Ф «АНАЛИЗИРУЙ ТО!»
15.45 Х/Ф «ПЕРВЫЙ РЫЦАРЬ»
18.00 ДОКУМ. ФИЛЬМ
19.00 Х/Ф «ПИТЕР ПЕН»
21.00 Х/Ф «БЕЛЫЙ ШУМ - 2: СИЯНИЕ»
23.30 Т/С «КОШМАРЫ И ФАНТАЗИИ ПО РАССКАЗАМ СТИВЕНА КИНГА»
00.30 Х/Ф «ТЕМНЫЙ ГОРОД»
02.30 Х/Ф «БРАЗИЛИЯ»
05.15 МУЛЬТФИЛЬМЫ
